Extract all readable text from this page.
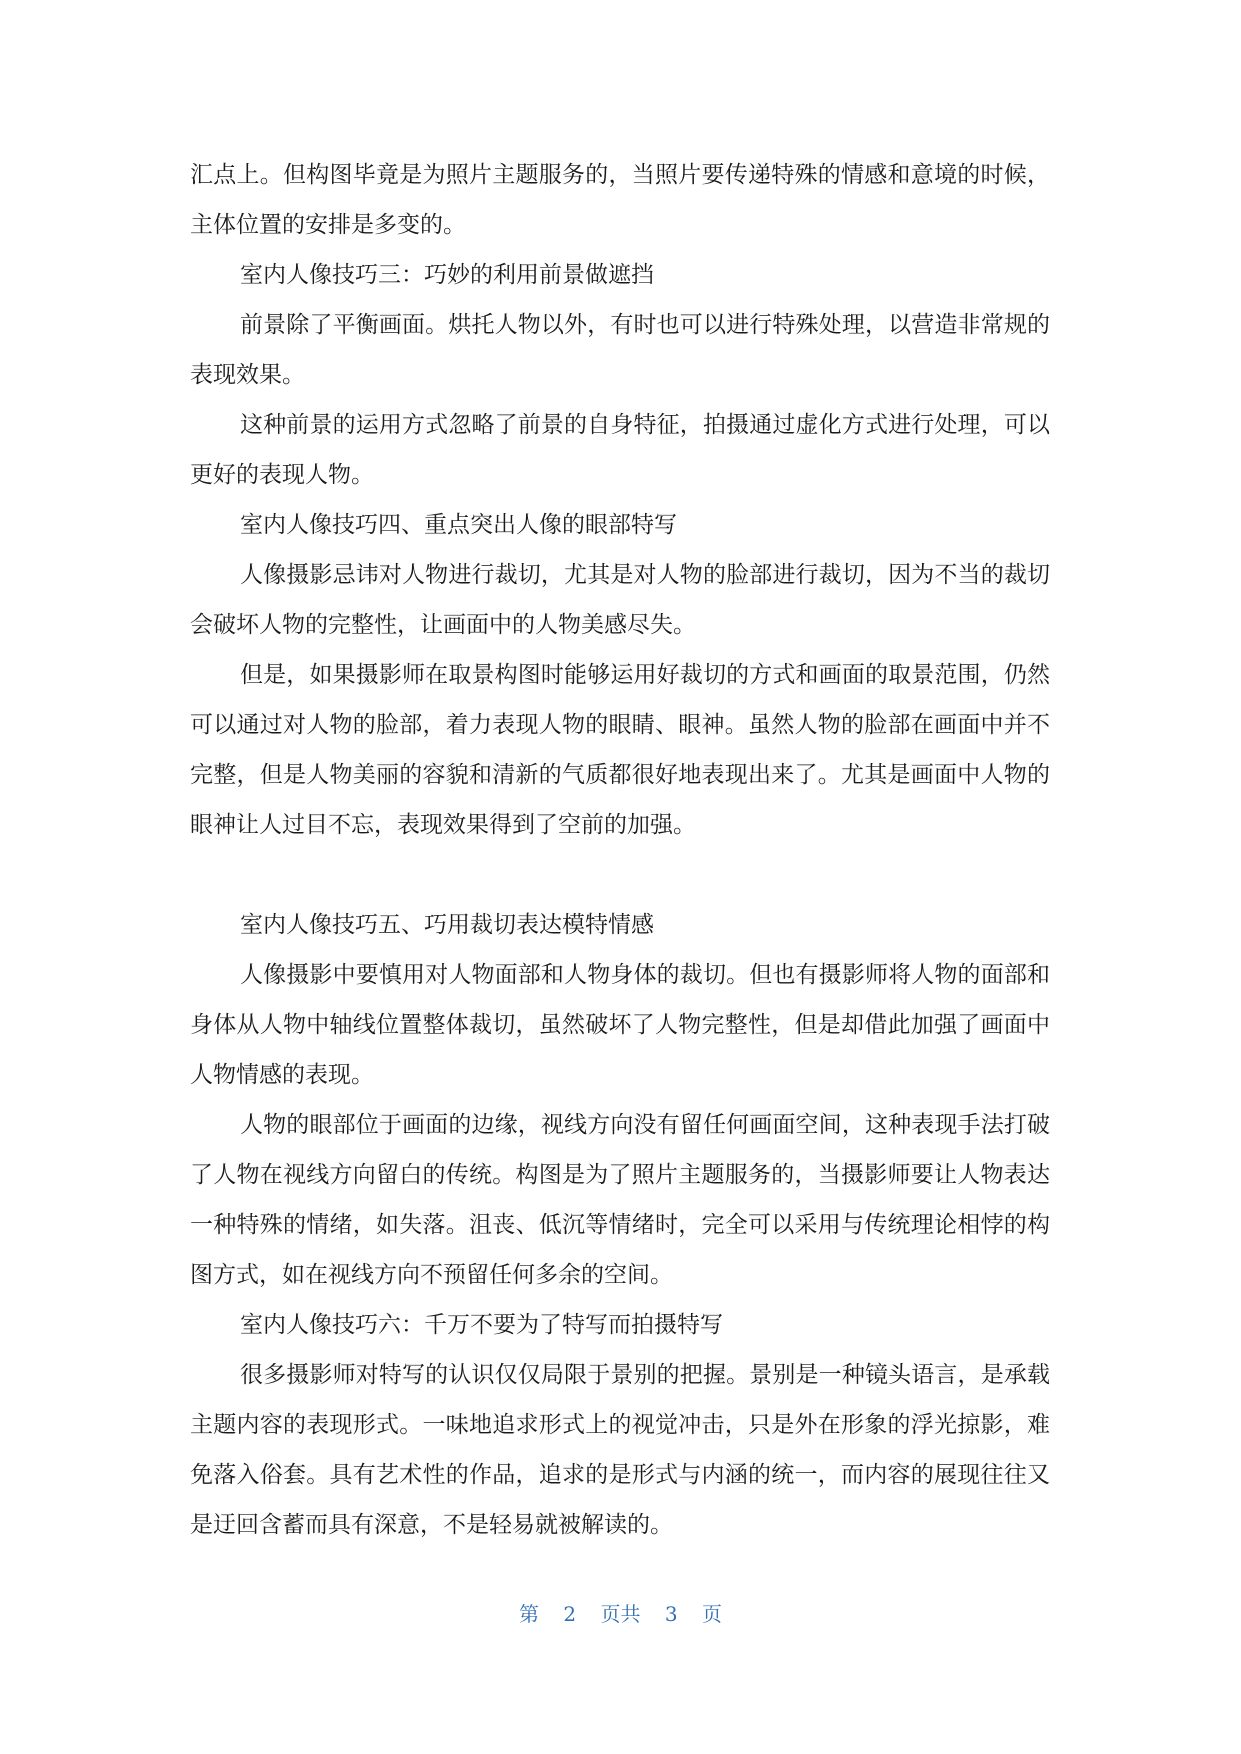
汇点上。但构图毕竟是为照片主题服务的，当照片要传递特殊的情感和意境的时候，主体位置的安排是多变的。

室内人像技巧三：巧妙的利用前景做遮挡

前景除了平衡画面。烘托人物以外，有时也可以进行特殊处理，以营造非常规的表现效果。

这种前景的运用方式忽略了前景的自身特征，拍摄通过虚化方式进行处理，可以更好的表现人物。

室内人像技巧四、重点突出人像的眼部特写

人像摄影忌讳对人物进行裁切，尤其是对人物的脸部进行裁切，因为不当的裁切会破坏人物的完整性，让画面中的人物美感尽失。

但是，如果摄影师在取景构图时能够运用好裁切的方式和画面的取景范围，仍然可以通过对人物的脸部，着力表现人物的眼睛、眼神。虽然人物的脸部在画面中并不完整，但是人物美丽的容貌和清新的气质都很好地表现出来了。尤其是画面中人物的眼神让人过目不忘，表现效果得到了空前的加强。

室内人像技巧五、巧用裁切表达模特情感

人像摄影中要慎用对人物面部和人物身体的裁切。但也有摄影师将人物的面部和身体从人物中轴线位置整体裁切，虽然破坏了人物完整性，但是却借此加强了画面中人物情感的表现。

人物的眼部位于画面的边缘，视线方向没有留任何画面空间，这种表现手法打破了人物在视线方向留白的传统。构图是为了照片主题服务的，当摄影师要让人物表达 一种特殊的情绪，如失落。沮丧、低沉等情绪时，完全可以采用与传统理论相悖的构图方式，如在视线方向不预留任何多余的空间。

室内人像技巧六：千万不要为了特写而拍摄特写

很多摄影师对特写的认识仅仅局限于景别的把握。景别是一种镜头语言，是承载主题内容的表现形式。一味地追求形式上的视觉冲击，只是外在形象的浮光掠影，难免落入俗套。具有艺术性的作品，追求的是形式与内涵的统一，而内容的展现往往又是迂回含蓄而具有深意，不是轻易就被解读的。

第 2 页共 3 页
